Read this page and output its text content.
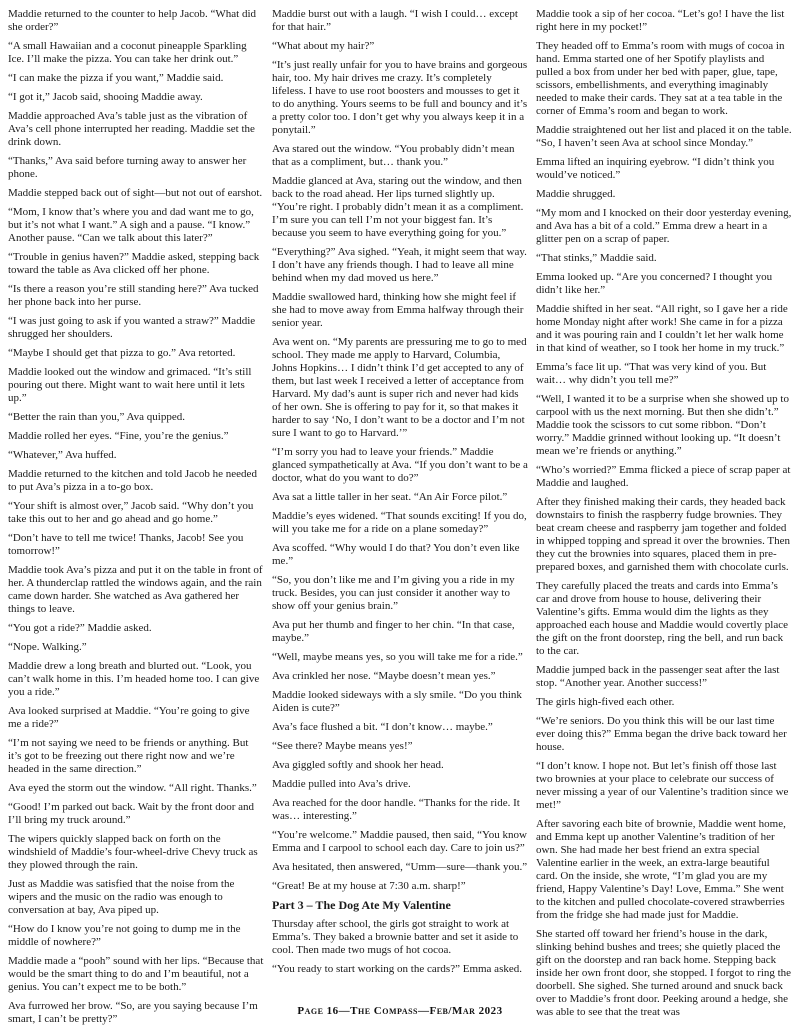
Maddie returned to the counter to help Jacob. “What did she order?”

“A small Hawaiian and a coconut pineapple Sparkling Ice. I’ll make the pizza. You can take her drink out.”

“I can make the pizza if you want,” Maddie said.

“I got it,” Jacob said, shooing Maddie away.

Maddie approached Ava’s table just as the vibration of Ava’s cell phone interrupted her reading. Maddie set the drink down.

“Thanks,” Ava said before turning away to answer her phone.

Maddie stepped back out of sight—but not out of earshot.

“Mom, I know that’s where you and dad want me to go, but it’s not what I want.” A sigh and a pause. “I know.” Another pause. “Can we talk about this later?”

“Trouble in genius haven?” Maddie asked, stepping back toward the table as Ava clicked off her phone.

“Is there a reason you’re still standing here?” Ava tucked her phone back into her purse.

“I was just going to ask if you wanted a straw?” Maddie shrugged her shoulders.

“Maybe I should get that pizza to go.” Ava retorted.

Maddie looked out the window and grimaced. “It’s still pouring out there. Might want to wait here until it lets up.”

“Better the rain than you,” Ava quipped.

Maddie rolled her eyes. “Fine, you’re the genius.”

“Whatever,” Ava huffed.

Maddie returned to the kitchen and told Jacob he needed to put Ava’s pizza in a to-go box.

“Your shift is almost over,” Jacob said. “Why don’t you take this out to her and go ahead and go home.”

“Don’t have to tell me twice! Thanks, Jacob! See you tomorrow!”

Maddie took Ava’s pizza and put it on the table in front of her. A thunderclap rattled the windows again, and the rain came down harder. She watched as Ava gathered her things to leave.

“You got a ride?” Maddie asked.

“Nope. Walking.”

Maddie drew a long breath and blurted out. “Look, you can’t walk home in this. I’m headed home too. I can give you a ride.”

Ava looked surprised at Maddie. “You’re going to give me a ride?”

“I’m not saying we need to be friends or anything. But it’s got to be freezing out there right now and we’re headed in the same direction.”

Ava eyed the storm out the window. “All right. Thanks.”

“Good! I’m parked out back. Wait by the front door and I’ll bring my truck around.”

The wipers quickly slapped back on forth on the windshield of Maddie’s four-wheel-drive Chevy truck as they plowed through the rain.

Just as Maddie was satisfied that the noise from the wipers and the music on the radio was enough to conversation at bay, Ava piped up.

“How do I know you’re not going to dump me in the middle of nowhere?”

Maddie made a “pooh” sound with her lips. “Because that would be the smart thing to do and I’m beautiful, not a genius. You can’t expect me to be both.”

Ava furrowed her brow. “So, are you saying because I’m smart, I can’t be pretty?”

Maddie burst out with a laugh. “I wish I could… except for that hair.”

“What about my hair?”

“It’s just really unfair for you to have brains and gorgeous hair, too. My hair drives me crazy. It’s completely lifeless. I have to use root boosters and mousses to get it to do anything. Yours seems to be full and bouncy and it’s a pretty color too. I don’t get why you always keep it in a ponytail.”

Ava stared out the window. “You probably didn’t mean that as a compliment, but… thank you.”

Maddie glanced at Ava, staring out the window, and then back to the road ahead. Her lips turned slightly up. “You’re right. I probably didn’t mean it as a compliment. I’m sure you can tell I’m not your biggest fan. It’s because you seem to have everything going for you.”

“Everything?” Ava sighed. “Yeah, it might seem that way. I don’t have any friends though. I had to leave all mine behind when my dad moved us here.”

Maddie swallowed hard, thinking how she might feel if she had to move away from Emma halfway through their senior year.

Ava went on. “My parents are pressuring me to go to med school. They made me apply to Harvard, Columbia, Johns Hopkins… I didn’t think I’d get accepted to any of them, but last week I received a letter of acceptance from Harvard. My dad’s aunt is super rich and never had kids of her own. She is offering to pay for it, so that makes it harder to say ‘No, I don’t want to be a doctor and I’m not sure I want to go to Harvard.’”

“I’m sorry you had to leave your friends.” Maddie glanced sympathetically at Ava. “If you don’t want to be a doctor, what do you want to do?”

Ava sat a little taller in her seat. “An Air Force pilot.”

Maddie’s eyes widened. “That sounds exciting! If you do, will you take me for a ride on a plane someday?”

Ava scoffed. “Why would I do that? You don’t even like me.”

“So, you don’t like me and I’m giving you a ride in my truck. Besides, you can just consider it another way to show off your genius brain.”

Ava put her thumb and finger to her chin. “In that case, maybe.”

“Well, maybe means yes, so you will take me for a ride.”

Ava crinkled her nose. “Maybe doesn’t mean yes.”

Maddie looked sideways with a sly smile. “Do you think Aiden is cute?”

Ava’s face flushed a bit. “I don’t know… maybe.”

“See there? Maybe means yes!”

Ava giggled softly and shook her head.

Maddie pulled into Ava’s drive.

Ava reached for the door handle. “Thanks for the ride. It was… interesting.”

“You’re welcome.” Maddie paused, then said, “You know Emma and I carpool to school each day. Care to join us?”

Ava hesitated, then answered, “Umm—sure—thank you.”

“Great! Be at my house at 7:30 a.m. sharp!”

Part 3 – The Dog Ate My Valentine

Thursday after school, the girls got straight to work at Emma’s. They baked a brownie batter and set it aside to cool. Then made two mugs of hot cocoa.

“You ready to start working on the cards?” Emma asked.

Maddie took a sip of her cocoa. “Let’s go! I have the list right here in my pocket!”

They headed off to Emma’s room with mugs of cocoa in hand. Emma started one of her Spotify playlists and pulled a box from under her bed with paper, glue, tape, scissors, embellishments, and everything imaginably needed to make their cards. They sat at a tea table in the corner of Emma’s room and began to work.

Maddie straightened out her list and placed it on the table. “So, I haven’t seen Ava at school since Monday.”

Emma lifted an inquiring eyebrow. “I didn’t think you would’ve noticed.”

Maddie shrugged.

“My mom and I knocked on their door yesterday evening, and Ava has a bit of a cold.” Emma drew a heart in a glitter pen on a scrap of paper.

“That stinks,” Maddie said.

Emma looked up. “Are you concerned? I thought you didn’t like her.”

Maddie shifted in her seat. “All right, so I gave her a ride home Monday night after work! She came in for a pizza and it was pouring rain and I couldn’t let her walk home in that kind of weather, so I took her home in my truck.”

Emma’s face lit up. “That was very kind of you. But wait… why didn’t you tell me?”

“Well, I wanted it to be a surprise when she showed up to carpool with us the next morning. But then she didn’t.” Maddie took the scissors to cut some ribbon. “Don’t worry.” Maddie grinned without looking up. “It doesn’t mean we’re friends or anything.”

“Who’s worried?” Emma flicked a piece of scrap paper at Maddie and laughed.

After they finished making their cards, they headed back downstairs to finish the raspberry fudge brownies. They beat cream cheese and raspberry jam together and folded in whipped topping and spread it over the brownies. Then they cut the brownies into squares, placed them in pre-prepared boxes, and garnished them with chocolate curls.

They carefully placed the treats and cards into Emma’s car and drove from house to house, delivering their Valentine’s gifts. Emma would dim the lights as they approached each house and Maddie would covertly place the gift on the front doorstep, ring the bell, and run back to the car.

Maddie jumped back in the passenger seat after the last stop. “Another year. Another success!”

The girls high-fived each other.

“We’re seniors. Do you think this will be our last time ever doing this?” Emma began the drive back toward her house.

“I don’t know. I hope not. But let’s finish off those last two brownies at your place to celebrate our success of never missing a year of our Valentine’s tradition since we met!”

After savoring each bite of brownie, Maddie went home, and Emma kept up another Valentine’s tradition of her own. She had made her best friend an extra special Valentine earlier in the week, an extra-large beautiful card. On the inside, she wrote, “I’m glad you are my friend, Happy Valentine’s Day! Love, Emma.” She went to the kitchen and pulled chocolate-covered strawberries from the fridge she had made just for Maddie.

She started off toward her friend’s house in the dark, slinking behind bushes and trees; she quietly placed the gift on the doorstep and ran back home. Stepping back inside her own front door, she stopped. I forgot to ring the doorbell. She sighed. She turned around and snuck back over to Maddie’s front door. Peeking around a hedge, she was able to see that the treat was

Page 16—The Compass—Feb/Mar 2023
